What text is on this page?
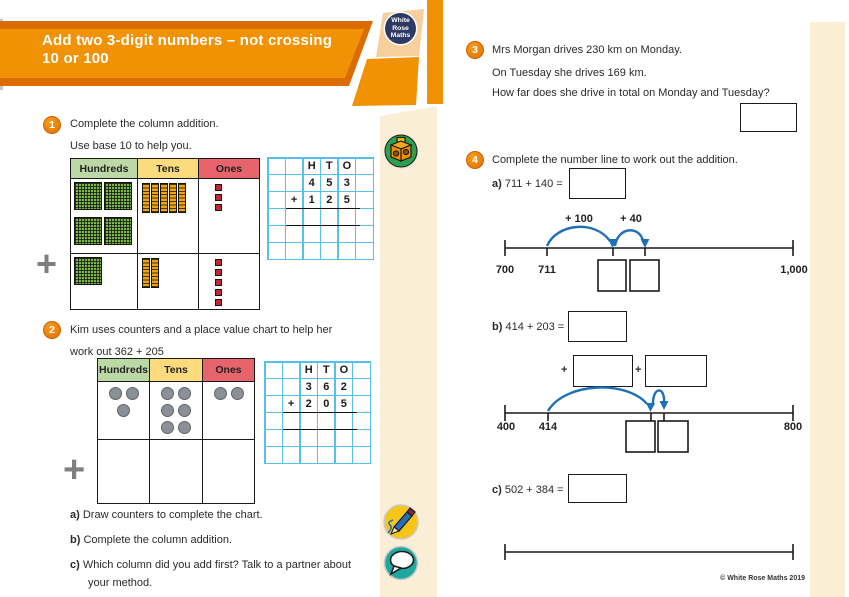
Add two 3-digit numbers – not crossing
10 or 100
White
Rose
Maths
1	Complete the column addition.
Use base 10 to help you.
Hundreds	Tens	Ones

+
H T O
4	5	3
+	1	2	5
2	Kim uses counters and a place value chart to help her
work out 362 + 205
Hundreds	Tens	Ones

+
H T O
3	6	2
+	2	0	5
a) Draw counters to complete the chart.
b) Complete the column addition.
c) Which column did you add first? Talk to a partner about
your method.
3	Mrs Morgan drives 230 km on Monday.
On Tuesday she drives 169 km.
How far does she drive in total on Monday and Tuesday?
4	Complete the number line to work out the addition.
a) 711 + 140 =
+ 100 + 40
700 711	1,000
b) 414 + 203 =
+	+
400 414	800
c) 502 + 384 =
© White Rose Maths 2019
